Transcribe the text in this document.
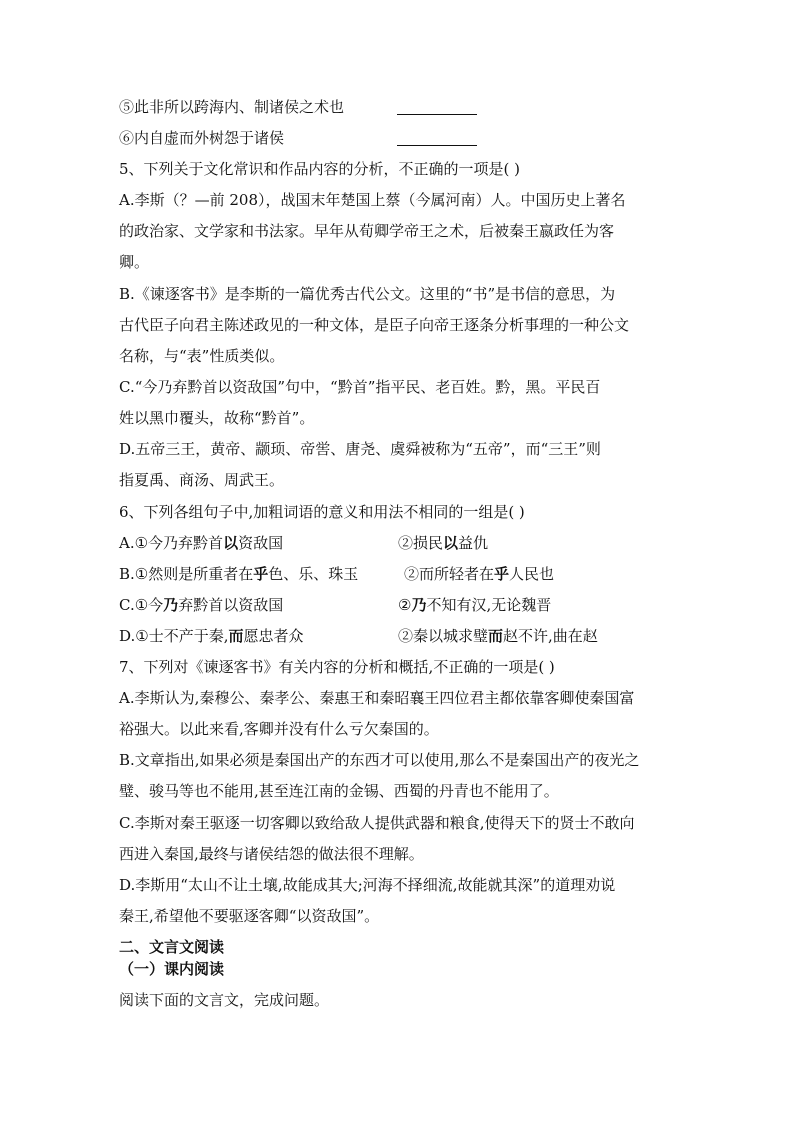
⑤此非所以跨海内、制诸侯之术也
⑥内自虚而外树怨于诸侯
5、下列关于文化常识和作品内容的分析，不正确的一项是( )
A.李斯（？—前 208），战国末年楚国上蔡（今属河南）人。中国历史上著名
的政治家、文学家和书法家。早年从荀卿学帝王之术，后被秦王嬴政任为客
卿。
B.《谏逐客书》是李斯的一篇优秀古代公文。这里的“书”是书信的意思，为
古代臣子向君主陈述政见的一种文体，是臣子向帝王逐条分析事理的一种公文
名称，与“表”性质类似。
C.“今乃弃黔首以资敌国”句中，“黔首”指平民、老百姓。黔，黑。平民百
姓以黑巾覆头，故称“黔首”。
D.五帝三王，黄帝、颛顼、帝喾、唐尧、虞舜被称为“五帝”，而“三王”则
指夏禹、商汤、周武王。
6、下列各组句子中,加粗词语的意义和用法不相同的一组是( )
A.①今乃弃黔首以资敌国	②损民以益仇
B.①然则是所重者在乎色、乐、珠玉	②而所轻者在乎人民也
C.①今乃弃黔首以资敌国	②乃不知有汉,无论魏晋
D.①士不产于秦,而愿忠者众	②秦以城求璧而赵不许,曲在赵
7、下列对《谏逐客书》有关内容的分析和概括,不正确的一项是( )
A.李斯认为,秦穆公、秦孝公、秦惠王和秦昭襄王四位君主都依靠客卿使秦国富
裕强大。以此来看,客卿并没有什么亏欠秦国的。
B.文章指出,如果必须是秦国出产的东西才可以使用,那么不是秦国出产的夜光之
璧、骏马等也不能用,甚至连江南的金锡、西蜀的丹青也不能用了。
C.李斯对秦王驱逐一切客卿以致给敌人提供武器和粮食,使得天下的贤士不敢向
西进入秦国,最终与诸侯结怨的做法很不理解。
D.李斯用“太山不让土壤,故能成其大;河海不择细流,故能就其深”的道理劝说
秦王,希望他不要驱逐客卿“以资敌国”。
二、文言文阅读
（一）课内阅读
阅读下面的文言文，完成问题。
